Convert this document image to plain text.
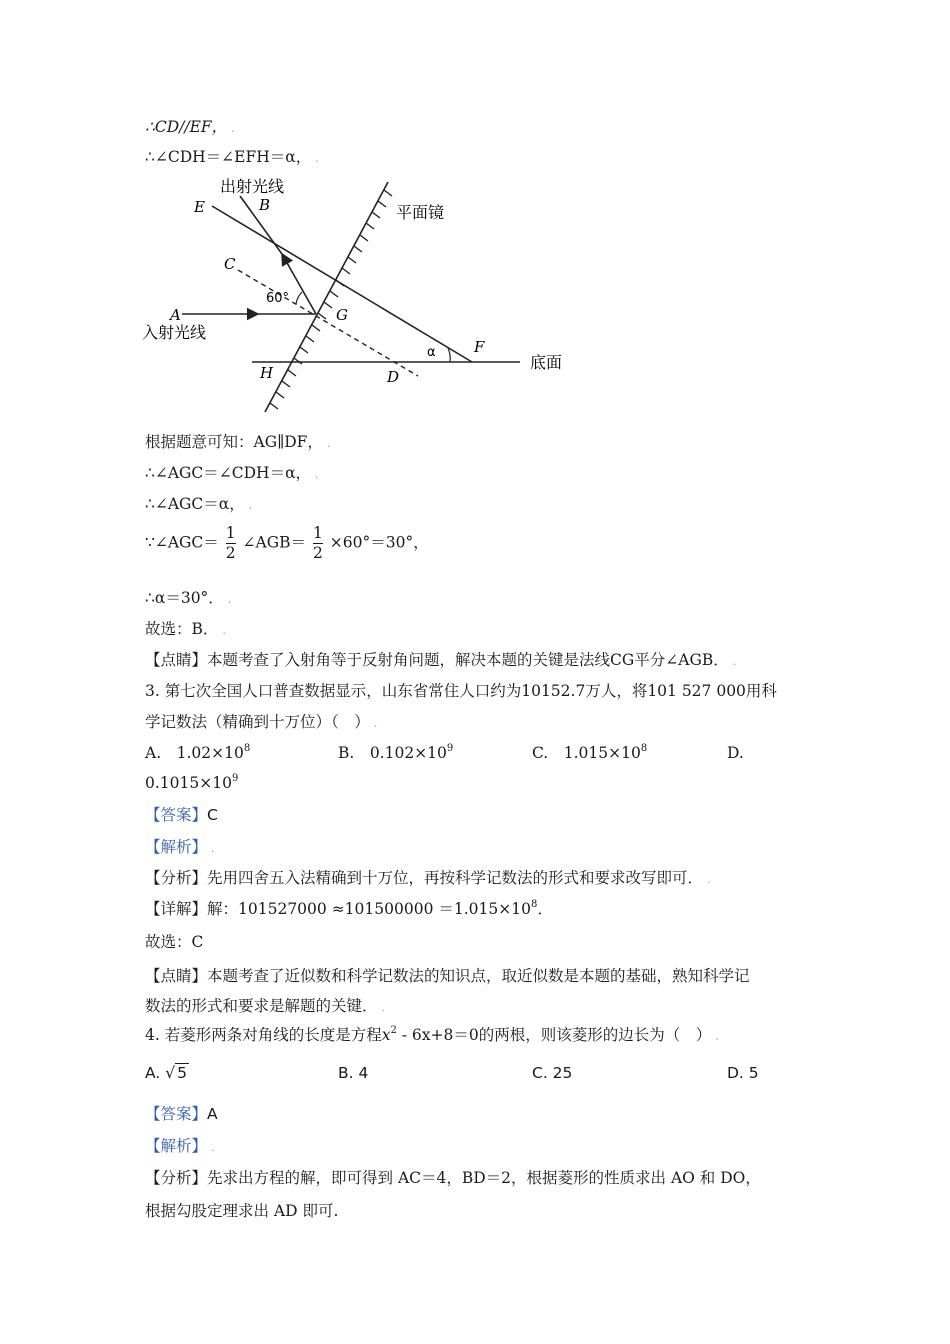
∴CD//EF， .
∴∠CDH＝∠EFH＝α， .
出射光线
入射光线
平面镜
底面
E	B
C
A	G
H	D
F
60°
α
根据题意可知：AG∥DF， .
∴∠AGC＝∠CDH＝α， .
∴∠AGC＝α， .
∵∠AGC＝ $\frac{1}{2}$ ∠AGB＝ $\frac{1}{2} \times 60^\circ=30^\circ$，
∴α＝30°． .
故选：B． .
【点睛】本题考查了入射角等于反射角问题，解决本题的关键是法线CG平分∠AGB． .
3. 第七次全国人口普查数据显示，山东省常住人口约为10152.7万人，将101 527 000用科
学记数法（精确到十万位）（　） .
A.　$1.02\times 10^8$	B.　$0.102\times 10^9$	C.　$1.015\times 10^8$	D.
$0.1015\times 10^9$
【答案】C
【解析】 .
【分析】先用四舍五入法精确到十万位，再按科学记数法的形式和要求改写即可． .
【详解】解：$101527000 \approx 101500000 =1.015\times 10^8$．
故选：C
【点睛】本题考查了近似数和科学记数法的知识点，取近似数是本题的基础，熟知科学记
数法的形式和要求是解题的关键． .
4. 若菱形两条对角线的长度是方程$x^2 - 6x+8=0$的两根，则该菱形的边长为（　） .
A. √ 5	B. 4	C. 25	D. 5
【答案】A
【解析】 .
【分析】先求出方程的解，即可得到 AC＝4，BD＝2，根据菱形的性质求出 AO 和 DO，
根据勾股定理求出 AD 即可.
